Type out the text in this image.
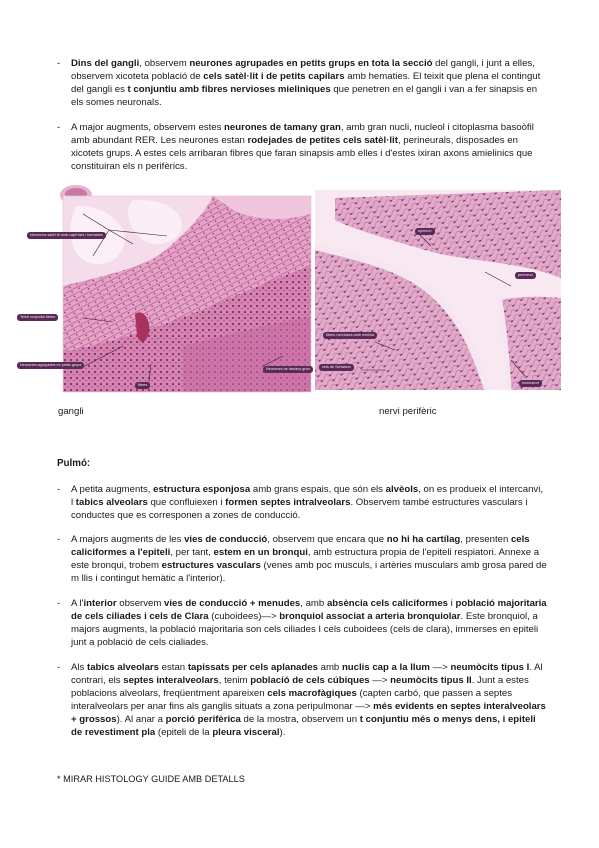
- Dins del gangli, observem neurones agrupades en petits grups en tota la secció del gangli, i junt a elles, observem xicoteta població de cels satèl·lit i de petits capilars amb hematies. El teixit que plena el contingut del gangli es t conjuntiu amb fibres nervioses mieliniques que penetren en el gangli i van a fer sinapsis en els somes neuronals.
- A major augments, observem estes neurones de tamany gran, amb gran nucli, nucleol i citoplasma basoòfil amb abundant RER. Les neurones estan rodejades de petites cels satèl·lit, perineurals, disposades en xicotets grups. A estes cels arribaran fibres que faran sinapsis amb elles i d'estes ixiran axons amielinics que constituiran els n perifèrics.
Neurones satèl·lit amb capil·lars i hematies
Teixit conjuntiu fibres
Neurones agrupades en petits grups
Neurones de tamany gran
fibres
epineuri
perineuri
fibres nervioses amb mielina
cels de Schwann
endoneuri
gangli	nervi perifèric
Pulmó:
- A petita augments, estructura esponjosa amb grans espais, que són els alvèols, on es produeix el intercanvi, l tabics alveolars que confluiexen i formen septes intralveolars. Observem també estructures vasculars i conductes que es corresponen a zones de conducció.
- A majors augments de les vies de conducció, observem que encara que no hi ha cartílag, presenten cels caliciformes a l'epiteli, per tant, estem en un bronqui, amb estructura propia de l'epiteli respiatori. Annexe a este bronqui, trobem estructures vasculars (venes amb poc musculs, i artèries musculars amb grosa pared de m llis i contingut hemàtic a l'interior).
- A l'interior observem vies de conducció + menudes, amb absència cels caliciformes i població majoritaria de cels ciliades i cels de Clara (cuboidees)—> bronquiol associat a arteria bronquiolar. Este bronquiol, a majors augments, la població majoritaria son cels ciliades I cels cuboidees (cels de clara), immerses en epiteli junt a població de cels cialiades.
- Als tabics alveolars estan tapissats per cels aplanades amb nuclis cap a la llum —> neumòcits tipus I. Al contrari, els septes interalveolars, tenim població de cels cúbiques —> neumòcits tipus II. Junt a estes poblacions alveolars, freqüentment apareixen cels macrofàgiques (capten carbó, que passen a septes interalveolars per anar fins als ganglis situats a zona peripulmonar —> més evidents en septes interalveolars + grossos). Al anar a porció perifèrica de la mostra, observem un t conjuntiu més o menys dens, i epiteli de revestiment pla (epiteli de la pleura visceral).
* MIRAR HISTOLOGY GUIDE AMB DETALLS
